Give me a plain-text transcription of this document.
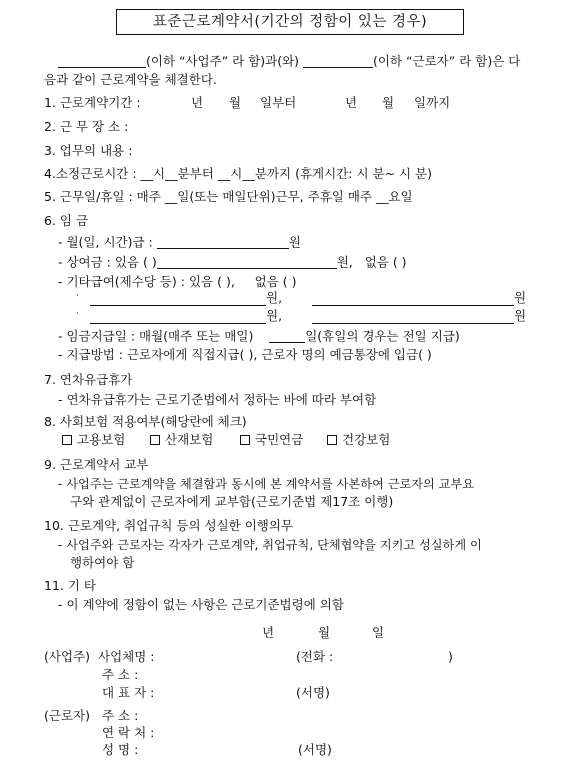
표준근로계약서(기간의 정함이 있는 경우)
(이하 “사업주” 라 함)과(와)	(이하 “근로자” 라 함)은 다
음과 같이 근로계약을 체결한다.
1. 근로계약기간 :	년 월 일부터	년 월 일까지
2. 근 무 장 소 :
3. 업무의 내용 :
4.소정근로시간 : __시__분부터 __시__분까지 (휴게시간: 시 분~ 시 분)
5. 근무일/휴일 : 매주 __일(또는 매일단위)근무, 주휴일 매주 __요일
6. 임 금
- 월(일, 시간)급 :	원
- 상여금 : 있음 ( )	원, 없음 ( )
- 기타급여(제수당 등) : 있음 ( ), 없음 ( )
·	원,	원
·	원,	원
- 임금지급일 : 매월(매주 또는 매일)	일(휴일의 경우는 전일 지급)
- 지급방법 : 근로자에게 직접지급( ), 근로자 명의 예금통장에 입금( )
7. 연차유급휴가
- 연차유급휴가는 근로기준법에서 정하는 바에 따라 부여함
8. 사회보험 적용여부(해당란에 체크)
고용보험	산재보험	국민연금	건강보험
9. 근로계약서 교부
- 사업주는 근로계약을 체결함과 동시에 본 계약서를 사본하여 근로자의 교부요
구와 관계없이 근로자에게 교부함(근로기준법 제17조 이행)
10. 근로계약, 취업규칙 등의 성실한 이행의무
- 사업주와 근로자는 각자가 근로계약, 취업규칙, 단체협약을 지키고 성실하게 이
행하여야 함
11. 기 타
- 이 계약에 정함이 없는 사항은 근로기준법령에 의함
년	월	일
(사업주) 사업체명 :	(전화 :	)
주 소 :
대 표 자 :	(서명)
(근로자) 주 소 :
연 락 처 :
성 명 :	(서명)
